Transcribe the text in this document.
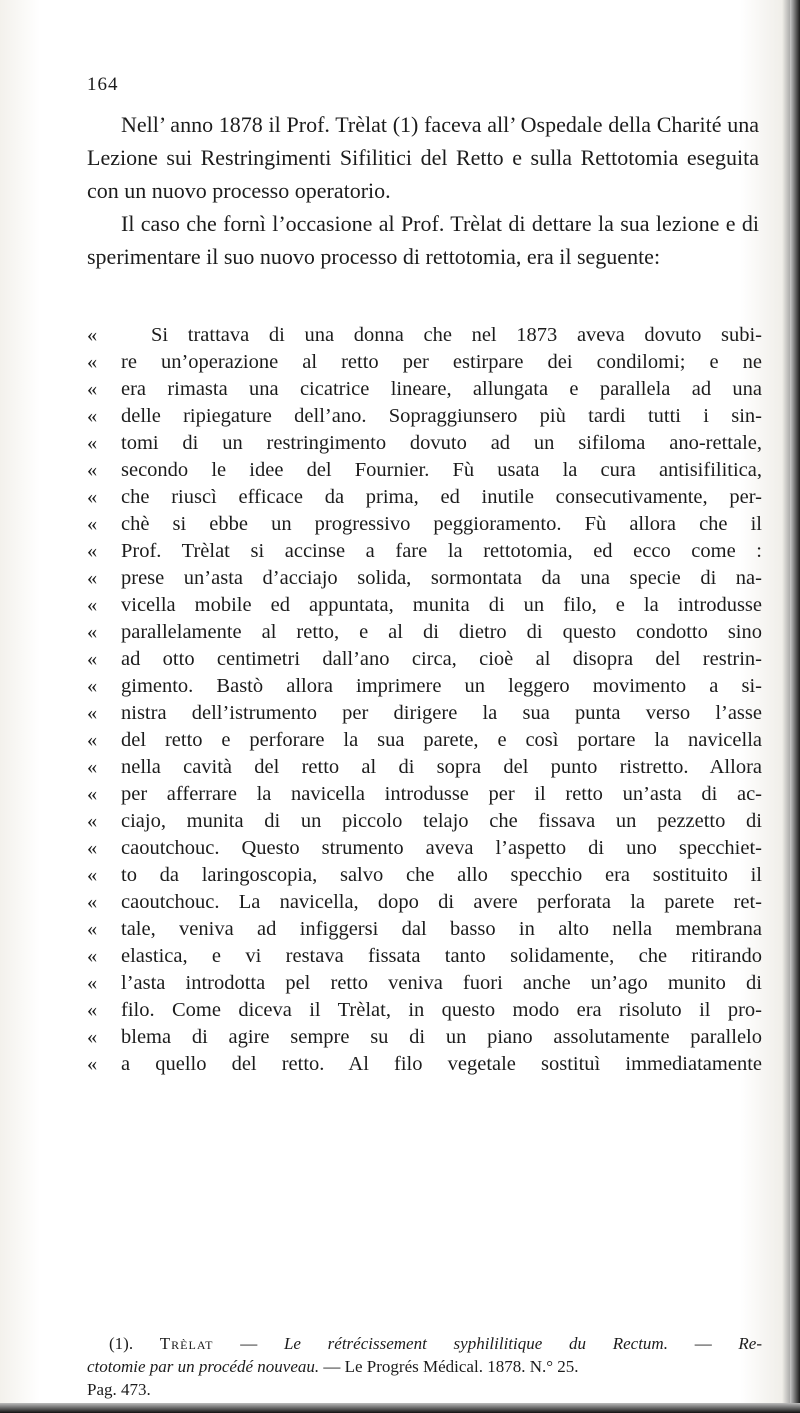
164

Nell’ anno 1878 il Prof. Trèlat (1) faceva all’ Ospedale della Charité una Lezione sui Restringimenti Sifilitici del Retto e sulla Rettotomia eseguita con un nuovo processo operatorio.

Il caso che fornì l’occasione al Prof. Trèlat di dettare la sua lezione e di sperimentare il suo nuovo processo di rettotomia, era il seguente:

«	Si trattava di una donna che nel 1873 aveva dovuto subi-
«	re un’operazione al retto per estirpare dei condilomi; e ne
«	era rimasta una cicatrice lineare, allungata e parallela ad una
«	delle ripiegature dell’ano. Sopraggiunsero più tardi tutti i sin-
«	tomi di un restringimento dovuto ad un sifiloma ano-rettale,
«	secondo le idee del Fournier. Fù usata la cura antisifilitica,
«	che riuscì efficace da prima, ed inutile consecutivamente, per-
«	chè si ebbe un progressivo peggioramento. Fù allora che il
«	Prof. Trèlat si accinse a fare la rettotomia, ed ecco come :
«	prese un’asta d’acciajo solida, sormontata da una specie di na-
«	vicella mobile ed appuntata, munita di un filo, e la introdusse
«	parallelamente al retto, e al di dietro di questo condotto sino
«	ad otto centimetri dall’ano circa, cioè al disopra del restrin-
«	gimento. Bastò allora imprimere un leggero movimento a si-
«	nistra dell’istrumento per dirigere la sua punta verso l’asse
«	del retto e perforare la sua parete, e così portare la navicella
«	nella cavità del retto al di sopra del punto ristretto. Allora
«	per afferrare la navicella introdusse per il retto un’asta di ac-
«	ciajo, munita di un piccolo telajo che fissava un pezzetto di
«	caoutchouc. Questo strumento aveva l’aspetto di uno specchiet-
«	to da laringoscopia, salvo che allo specchio era sostituito il
«	caoutchouc. La navicella, dopo di avere perforata la parete ret-
«	tale, veniva ad infiggersi dal basso in alto nella membrana
«	elastica, e vi restava fissata tanto solidamente, che ritirando
«	l’asta introdotta pel retto veniva fuori anche un’ago munito di
«	filo. Come diceva il Trèlat, in questo modo era risoluto il pro-
«	blema di agire sempre su di un piano assolutamente parallelo
«	a quello del retto. Al filo vegetale sostituì immediatamente
(1). Trèlat — Le rétrécissement syphililitique du Rectum. — Re-
ctotomie par un procédé nouveau. — Le Progrés Médical. 1878. N.° 25.
Pag. 473.
